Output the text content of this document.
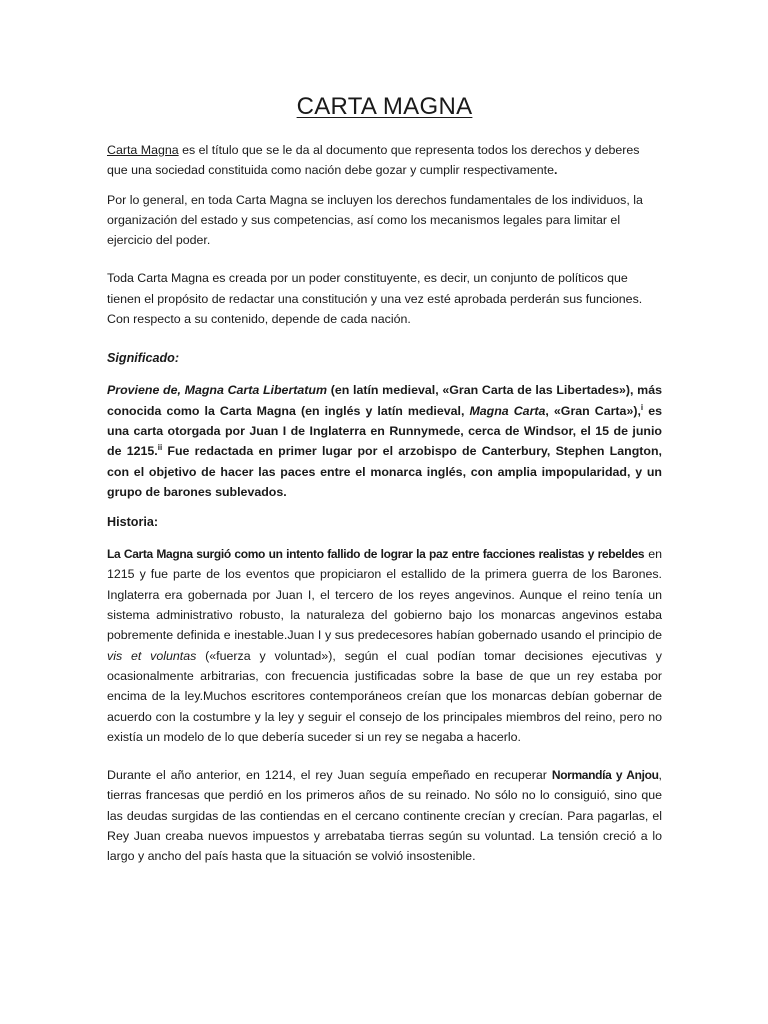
CARTA MAGNA

Carta Magna es el título que se le da al documento que representa todos los derechos y deberes que una sociedad constituida como nación debe gozar y cumplir respectivamente.

Por lo general, en toda Carta Magna se incluyen los derechos fundamentales de los individuos, la organización del estado y sus competencias, así como los mecanismos legales para limitar el ejercicio del poder.

Toda Carta Magna es creada por un poder constituyente, es decir, un conjunto de políticos que tienen el propósito de redactar una constitución y una vez esté aprobada perderán sus funciones. Con respecto a su contenido, depende de cada nación.

Significado:

Proviene de, Magna Carta Libertatum (en latín medieval, «Gran Carta de las Libertades»), más conocida como la Carta Magna (en inglés y latín medieval, Magna Carta, «Gran Carta»),$^i$ es una carta otorgada por Juan I de Inglaterra en Runnymede, cerca de Windsor, el 15 de junio de 1215.$^{ii}$ Fue redactada en primer lugar por el arzobispo de Canterbury, Stephen Langton, con el objetivo de hacer las paces entre el monarca inglés, con amplia impopularidad, y un grupo de barones sublevados.

Historia:

La Carta Magna surgió como un intento fallido de lograr la paz entre facciones realistas y rebeldes en 1215 y fue parte de los eventos que propiciaron el estallido de la primera guerra de los Barones. Inglaterra era gobernada por Juan I, el tercero de los reyes angevinos. Aunque el reino tenía un sistema administrativo robusto, la naturaleza del gobierno bajo los monarcas angevinos estaba pobremente definida e inestable.Juan I y sus predecesores habían gobernado usando el principio de vis et voluntas («fuerza y voluntad»), según el cual podían tomar decisiones ejecutivas y ocasionalmente arbitrarias, con frecuencia justificadas sobre la base de que un rey estaba por encima de la ley.Muchos escritores contemporáneos creían que los monarcas debían gobernar de acuerdo con la costumbre y la ley y seguir el consejo de los principales miembros del reino, pero no existía un modelo de lo que debería suceder si un rey se negaba a hacerlo.

Durante el año anterior, en 1214, el rey Juan seguía empeñado en recuperar Normandía y Anjou, tierras francesas que perdió en los primeros años de su reinado. No sólo no lo consiguió, sino que las deudas surgidas de las contiendas en el cercano continente crecían y crecían. Para pagarlas, el Rey Juan creaba nuevos impuestos y arrebataba tierras según su voluntad. La tensión creció a lo largo y ancho del país hasta que la situación se volvió insostenible.
